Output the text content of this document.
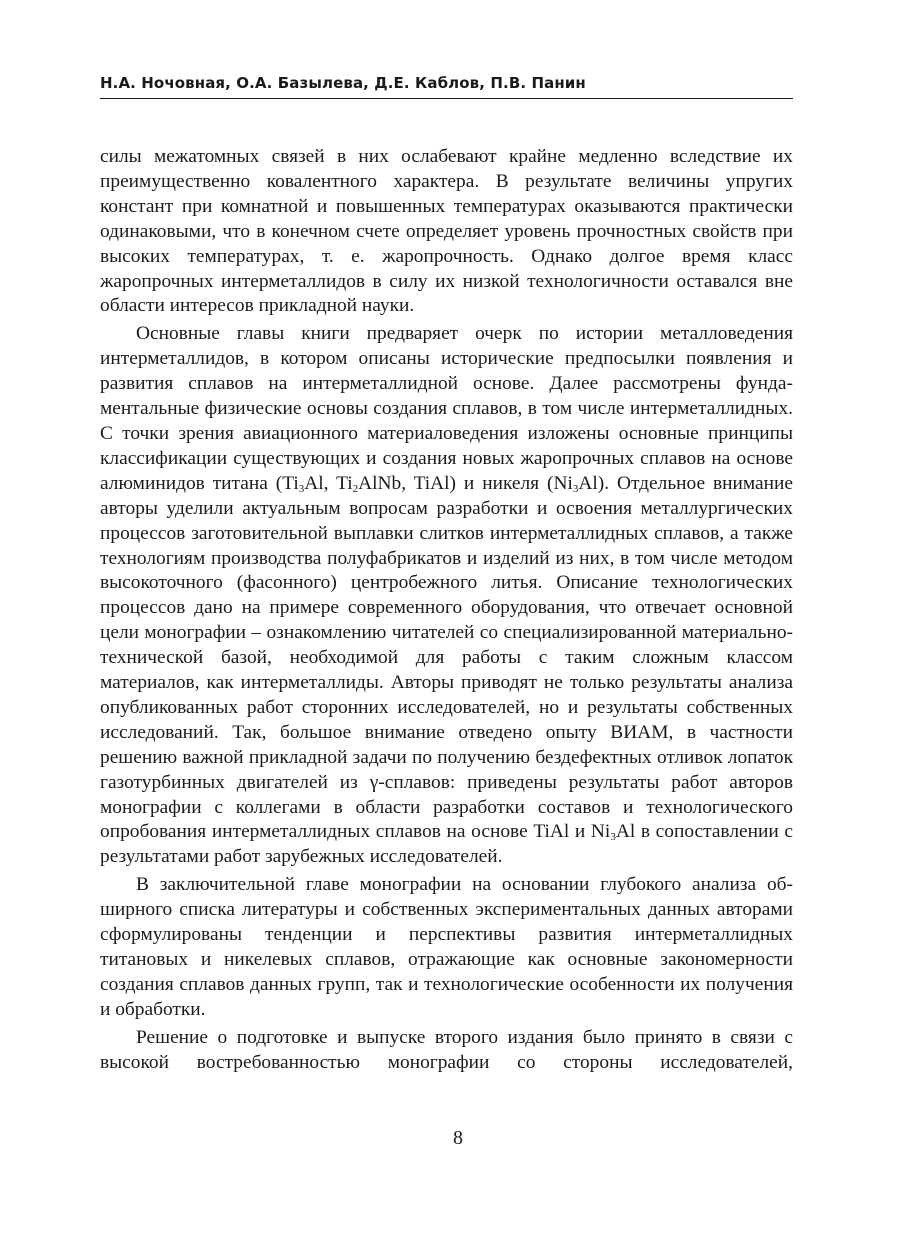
Н.А. Ночовная, О.А. Базылева, Д.Е. Каблов, П.В. Панин

силы межатомных связей в них ослабевают крайне медленно вследствие их преимущественно ковалентного характера. В результате величины упругих констант при комнатной и повышенных температурах оказываются практически одинаковыми, что в конечном счете определяет уровень прочностных свойств при высоких температурах, т. е. жаропрочность. Однако долгое время класс жаропрочных интерметаллидов в силу их низкой технологичности оставался вне области интересов прикладной науки.

Основные главы книги предваряет очерк по истории металловедения интерметаллидов, в котором описаны исторические предпосылки появления и развития сплавов на интерметаллидной основе. Далее рассмотрены фундаментальные физические основы создания сплавов, в том числе интерметаллидных. С точки зрения авиационного материаловедения изложены основные принципы классификации существующих и создания новых жаропрочных сплавов на основе алюминидов титана ($Ti_3Al$, $Ti_2AlNb$, TiAl) и никеля $(Ni_3Al)$. Отдельное внимание авторы уделили актуальным вопросам разработки и освоения металлургических процессов заготовительной выплавки слитков интерметаллидных сплавов, а также технологиям производства полуфабрикатов и изделий из них, в том числе методом высокоточного (фасонного) центробежного литья. Описание технологических процессов дано на примере современного оборудования, что отвечает основной цели монографии – ознакомлению читателей со специализированной материально-технической базой, необходимой для работы с таким сложным классом материалов, как интерметаллиды. Авторы приводят не только результаты анализа опубликованных работ сторонних исследователей, но и результаты собственных исследований. Так, большое внимание отведено опыту ВИАМ, в частности решению важной прикладной задачи по получению бездефектных отливок лопаток газотурбинных двигателей из γ-сплавов: приведены результаты работ авторов монографии с коллегами в области разработки составов и технологического опробования интерметаллидных сплавов на основе TiAl и $Ni_3Al$ в сопоставлении с результатами работ зарубежных исследователей.

В заключительной главе монографии на основании глубокого анализа обширного списка литературы и собственных экспериментальных данных авторами сформулированы тенденции и перспективы развития интерметаллидных титановых и никелевых сплавов, отражающие как основные закономерности создания сплавов данных групп, так и технологические особенности их получения и обработки.

Решение о подготовке и выпуске второго издания было принято в связи с высокой востребованностью монографии со стороны исследователей,

8
